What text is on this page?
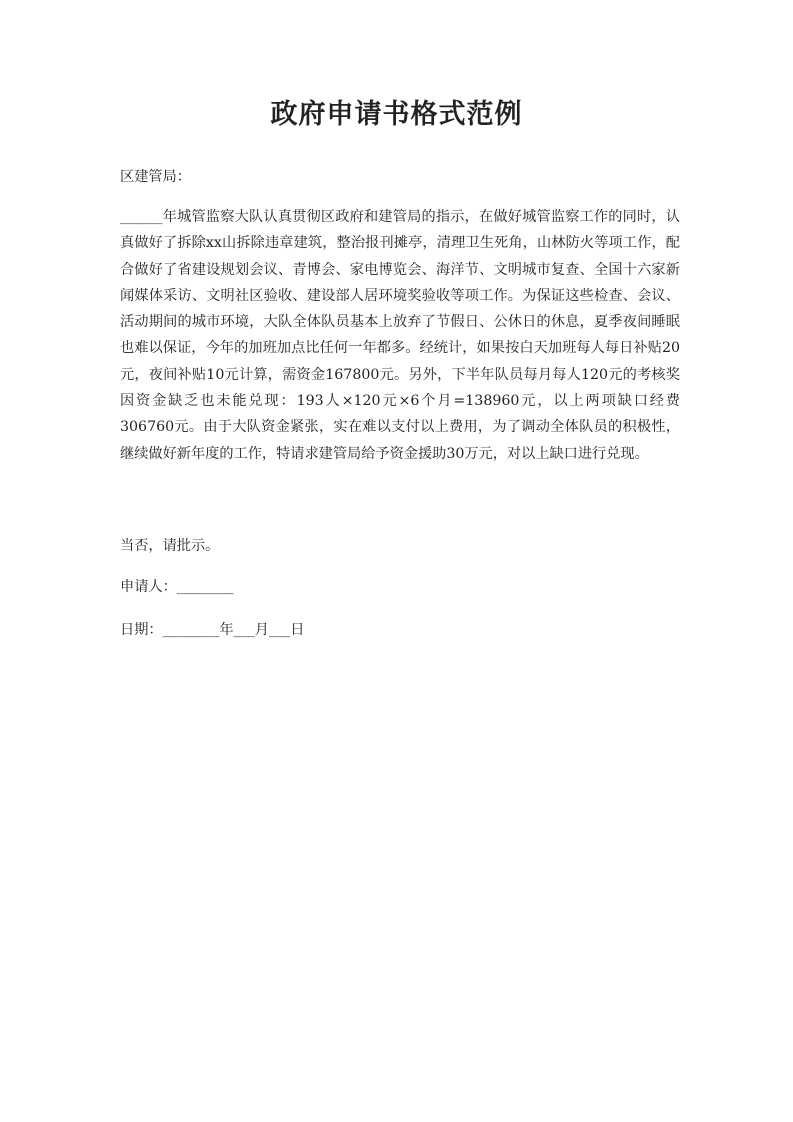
政府申请书格式范例

区建管局：

______年城管监察大队认真贯彻区政府和建管局的指示，在做好城管监察工作的同时，认真做好了拆除xx山拆除违章建筑，整治报刊摊亭，清理卫生死角，山林防火等项工作，配合做好了省建设规划会议、青博会、家电博览会、海洋节、文明城市复查、全国十六家新闻媒体采访、文明社区验收、建设部人居环境奖验收等项工作。为保证这些检查、会议、活动期间的城市环境，大队全体队员基本上放弃了节假日、公休日的休息，夏季夜间睡眠也难以保证，今年的加班加点比任何一年都多。经统计，如果按白天加班每人每日补贴20元，夜间补贴10元计算，需资金167800元。另外，下半年队员每月每人120元的考核奖因资金缺乏也未能兑现：193人×120元×6个月=138960元，以上两项缺口经费306760元。由于大队资金紧张，实在难以支付以上费用，为了调动全体队员的积极性，继续做好新年度的工作，特请求建管局给予资金援助30万元，对以上缺口进行兑现。

当否，请批示。

申请人：________

日期：________年___月___日
